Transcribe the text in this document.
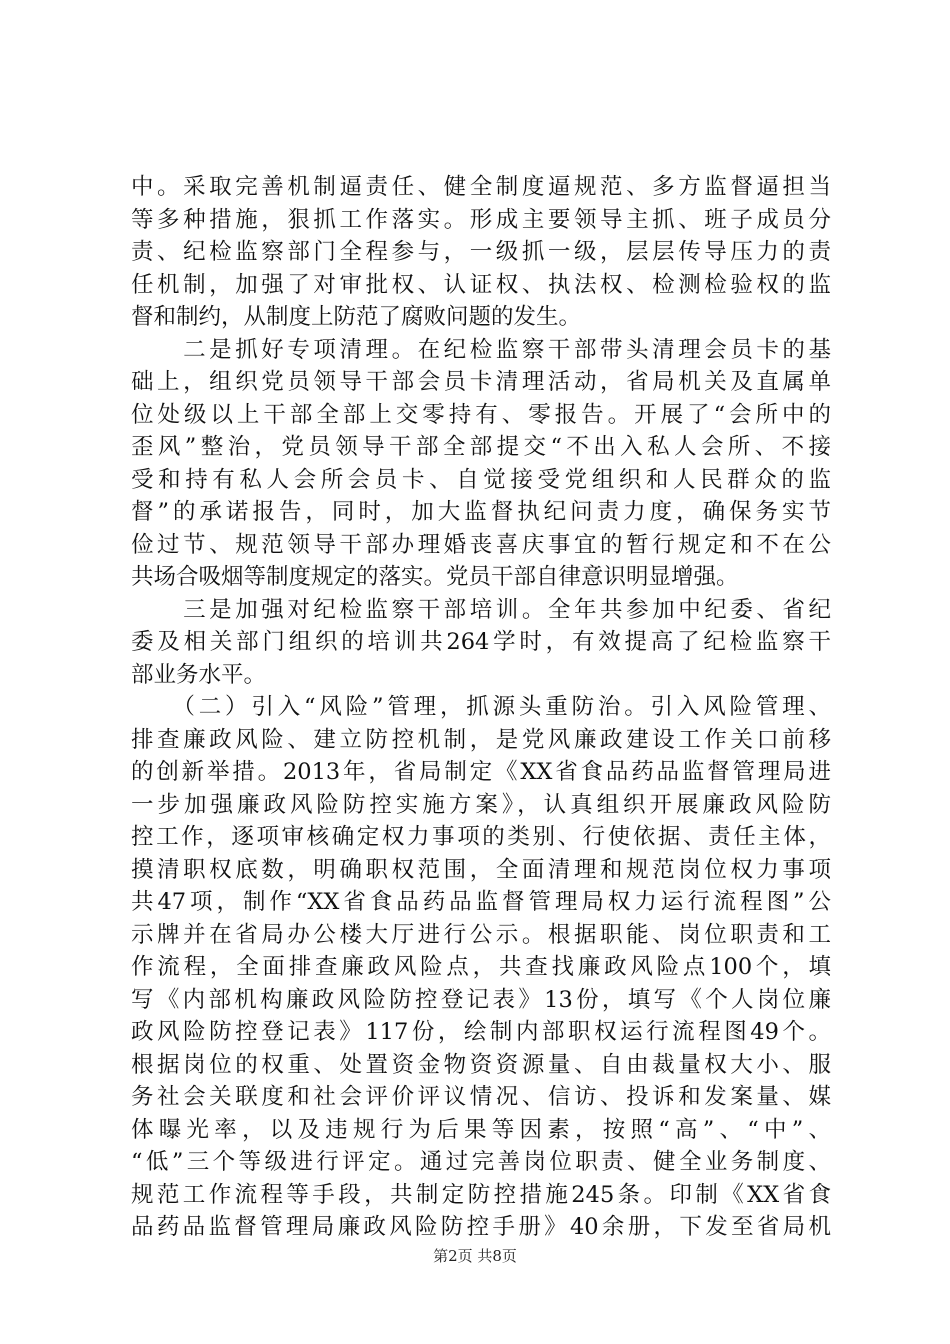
中。采取完善机制逼责任、健全制度逼规范、多方监督逼担当
等多种措施，狠抓工作落实。形成主要领导主抓、班子成员分
责、纪检监察部门全程参与，一级抓一级，层层传导压力的责
任机制，加强了对审批权、认证权、执法权、检测检验权的监
督和制约，从制度上防范了腐败问题的发生。
　　二是抓好专项清理。在纪检监察干部带头清理会员卡的基
础上，组织党员领导干部会员卡清理活动，省局机关及直属单
位处级以上干部全部上交零持有、零报告。开展了“会所中的
歪风”整治，党员领导干部全部提交“不出入私人会所、不接
受和持有私人会所会员卡、自觉接受党组织和人民群众的监
督”的承诺报告，同时，加大监督执纪问责力度，确保务实节
俭过节、规范领导干部办理婚丧喜庆事宜的暂行规定和不在公
共场合吸烟等制度规定的落实。党员干部自律意识明显增强。
　　三是加强对纪检监察干部培训。全年共参加中纪委、省纪
委及相关部门组织的培训共264学时，有效提高了纪检监察干
部业务水平。
　　（二）引入“风险”管理，抓源头重防治。引入风险管理、
排查廉政风险、建立防控机制，是党风廉政建设工作关口前移
的创新举措。2013年，省局制定《XX省食品药品监督管理局进
一步加强廉政风险防控实施方案》，认真组织开展廉政风险防
控工作，逐项审核确定权力事项的类别、行使依据、责任主体，
摸清职权底数，明确职权范围，全面清理和规范岗位权力事项
共47项，制作“XX省食品药品监督管理局权力运行流程图”公
示牌并在省局办公楼大厅进行公示。根据职能、岗位职责和工
作流程，全面排查廉政风险点，共查找廉政风险点100个，填
写《内部机构廉政风险防控登记表》13份，填写《个人岗位廉
政风险防控登记表》117份，绘制内部职权运行流程图49个。
根据岗位的权重、处置资金物资资源量、自由裁量权大小、服
务社会关联度和社会评价评议情况、信访、投诉和发案量、媒
体曝光率，以及违规行为后果等因素，按照“高”、“中”、
“低”三个等级进行评定。通过完善岗位职责、健全业务制度、
规范工作流程等手段，共制定防控措施245条。印制《XX省食
品药品监督管理局廉政风险防控手册》40余册，下发至省局机
第2页 共8页
